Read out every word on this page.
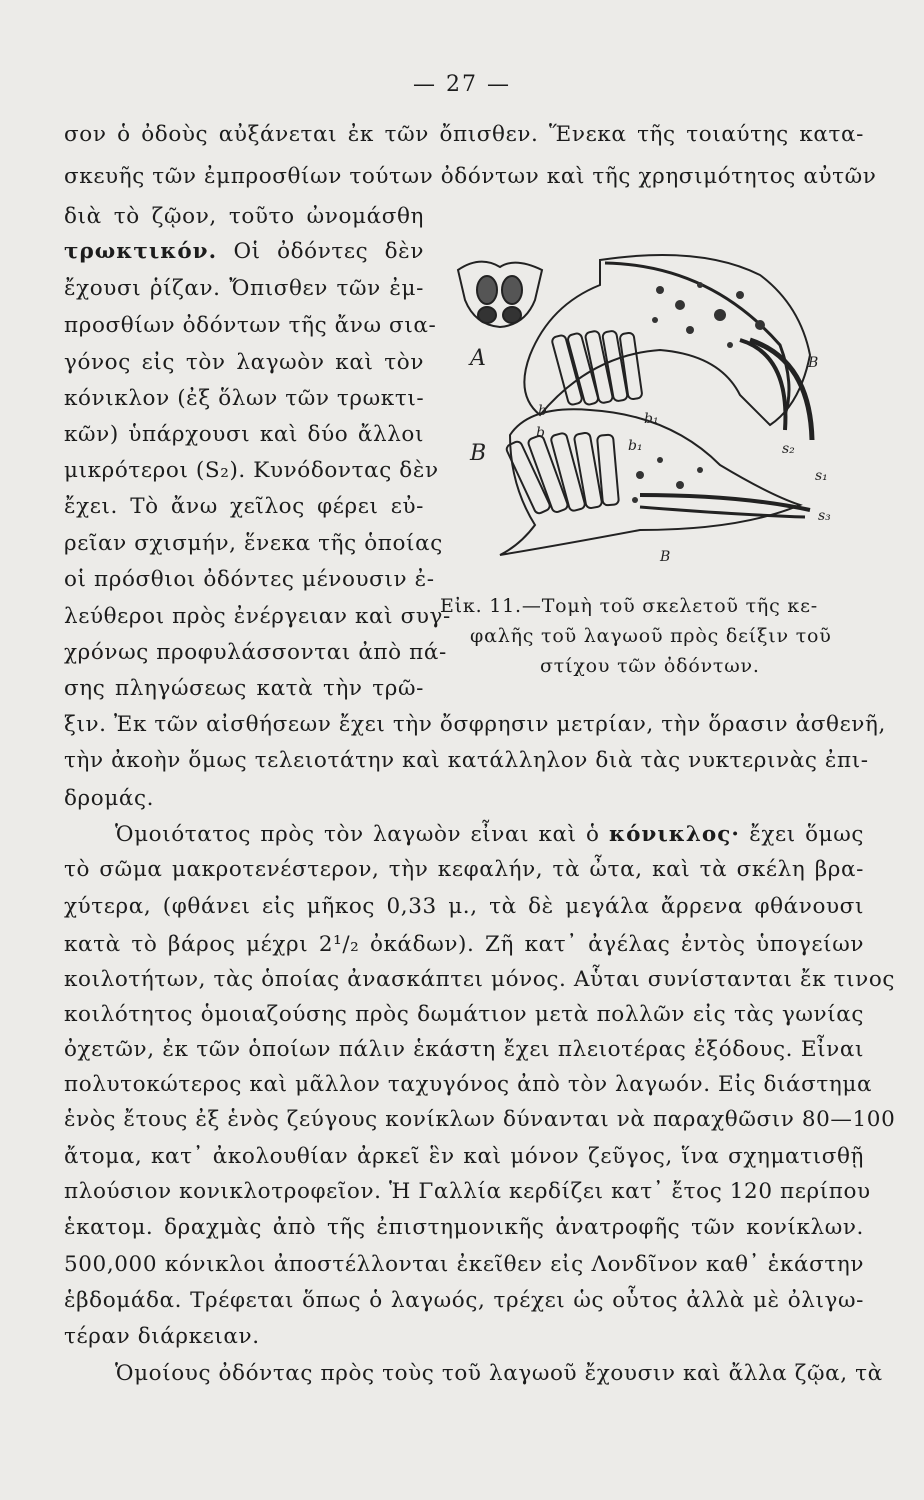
— 27 —

σον ὁ ὀδοὺς αὐξάνεται ἐκ τῶν ὄπισθεν. Ἕνεκα τῆς τοιαύτης κατα-

σκευῆς τῶν ἐμπροσθίων τούτων ὀδόντων καὶ τῆς χρησιμότητος αὐτῶν

διὰ τὸ ζῷον, τοῦτο ὠνομάσθη

τρωκτικόν. Οἱ ὀδόντες δὲν

ἔχουσι ῥίζαν. Ὄπισθεν τῶν ἐμ-

προσθίων ὀδόντων τῆς ἄνω σια-

γόνος εἰς τὸν λαγωὸν καὶ τὸν

κόνικλον (ἐξ ὅλων τῶν τρωκτι-

κῶν) ὑπάρχουσι καὶ δύο ἄλλοι

μικρότεροι (S₂). Κυνόδοντας δὲν

ἔχει. Τὸ ἄνω χεῖλος φέρει εὐ-

ρεῖαν σχισμήν, ἕνεκα τῆς ὁποίας

οἱ πρόσθιοι ὀδόντες μένουσιν ἐ-

λεύθεροι πρὸς ἐνέργειαν καὶ συγ-

χρόνως προφυλάσσονται ἀπὸ πά-

σης πληγώσεως κατὰ τὴν τρῶ-

ξιν. Ἐκ τῶν αἰσθήσεων ἔχει τὴν ὄσφρησιν μετρίαν, τὴν ὅρασιν ἀσθενῆ,

τὴν ἀκοὴν ὅμως τελειοτάτην καὶ κατάλληλον διὰ τὰς νυκτερινὰς ἐπι-

δρομάς.

Ὁμοιότατος πρὸς τὸν λαγωὸν εἶναι καὶ ὁ κόνικλος· ἔχει ὅμως

τὸ σῶμα μακροτενέστερον, τὴν κεφαλήν, τὰ ὦτα, καὶ τὰ σκέλη βρα-

χύτερα, (φθάνει εἰς μῆκος 0,33 μ., τὰ δὲ μεγάλα ἄρρενα φθάνουσι

κατὰ τὸ βάρος μέχρι 2¹/₂ ὀκάδων). Ζῆ κατ᾽ ἀγέλας ἐντὸς ὑπογείων

κοιλοτήτων, τὰς ὁποίας ἀνασκάπτει μόνος. Αὗται συνίστανται ἔκ τινος

κοιλότητος ὁμοιαζούσης πρὸς δωμάτιον μετὰ πολλῶν εἰς τὰς γωνίας

ὀχετῶν, ἐκ τῶν ὁποίων πάλιν ἑκάστη ἔχει πλειοτέρας ἐξόδους. Εἶναι

πολυτοκώτερος καὶ μᾶλλον ταχυγόνος ἀπὸ τὸν λαγωόν. Εἰς διάστημα

ἑνὸς ἔτους ἐξ ἑνὸς ζεύγους κονίκλων δύνανται νὰ παραχθῶσιν 80—100

ἄτομα, κατ᾽ ἀκολουθίαν ἀρκεῖ ἓν καὶ μόνον ζεῦγος, ἵνα σχηματισθῇ

πλούσιον κονικλοτροφεῖον. Ἡ Γαλλία κερδίζει κατ᾽ ἔτος 120 περίπου

ἑκατομ. δραχμὰς ἀπὸ τῆς ἐπιστημονικῆς ἀνατροφῆς τῶν κονίκλων.

500,000 κόνικλοι ἀποστέλλονται ἐκεῖθεν εἰς Λονδῖνον καθ᾽ ἑκάστην

ἑβδομάδα. Τρέφεται ὅπως ὁ λαγωός, τρέχει ὡς οὗτος ἀλλὰ μὲ ὀλιγω-

τέραν διάρκειαν.

Ὁμοίους ὀδόντας πρὸς τοὺς τοῦ λαγωοῦ ἔχουσιν καὶ ἄλλα ζῷα, τὰ

A
B
B
B
b₁
b₁
b
b
s₁
s₂
s₃

Εἰκ. 11.—Τομὴ τοῦ σκελετοῦ τῆς κε-

φαλῆς τοῦ λαγωοῦ πρὸς δείξιν τοῦ

στίχου τῶν ὀδόντων.
